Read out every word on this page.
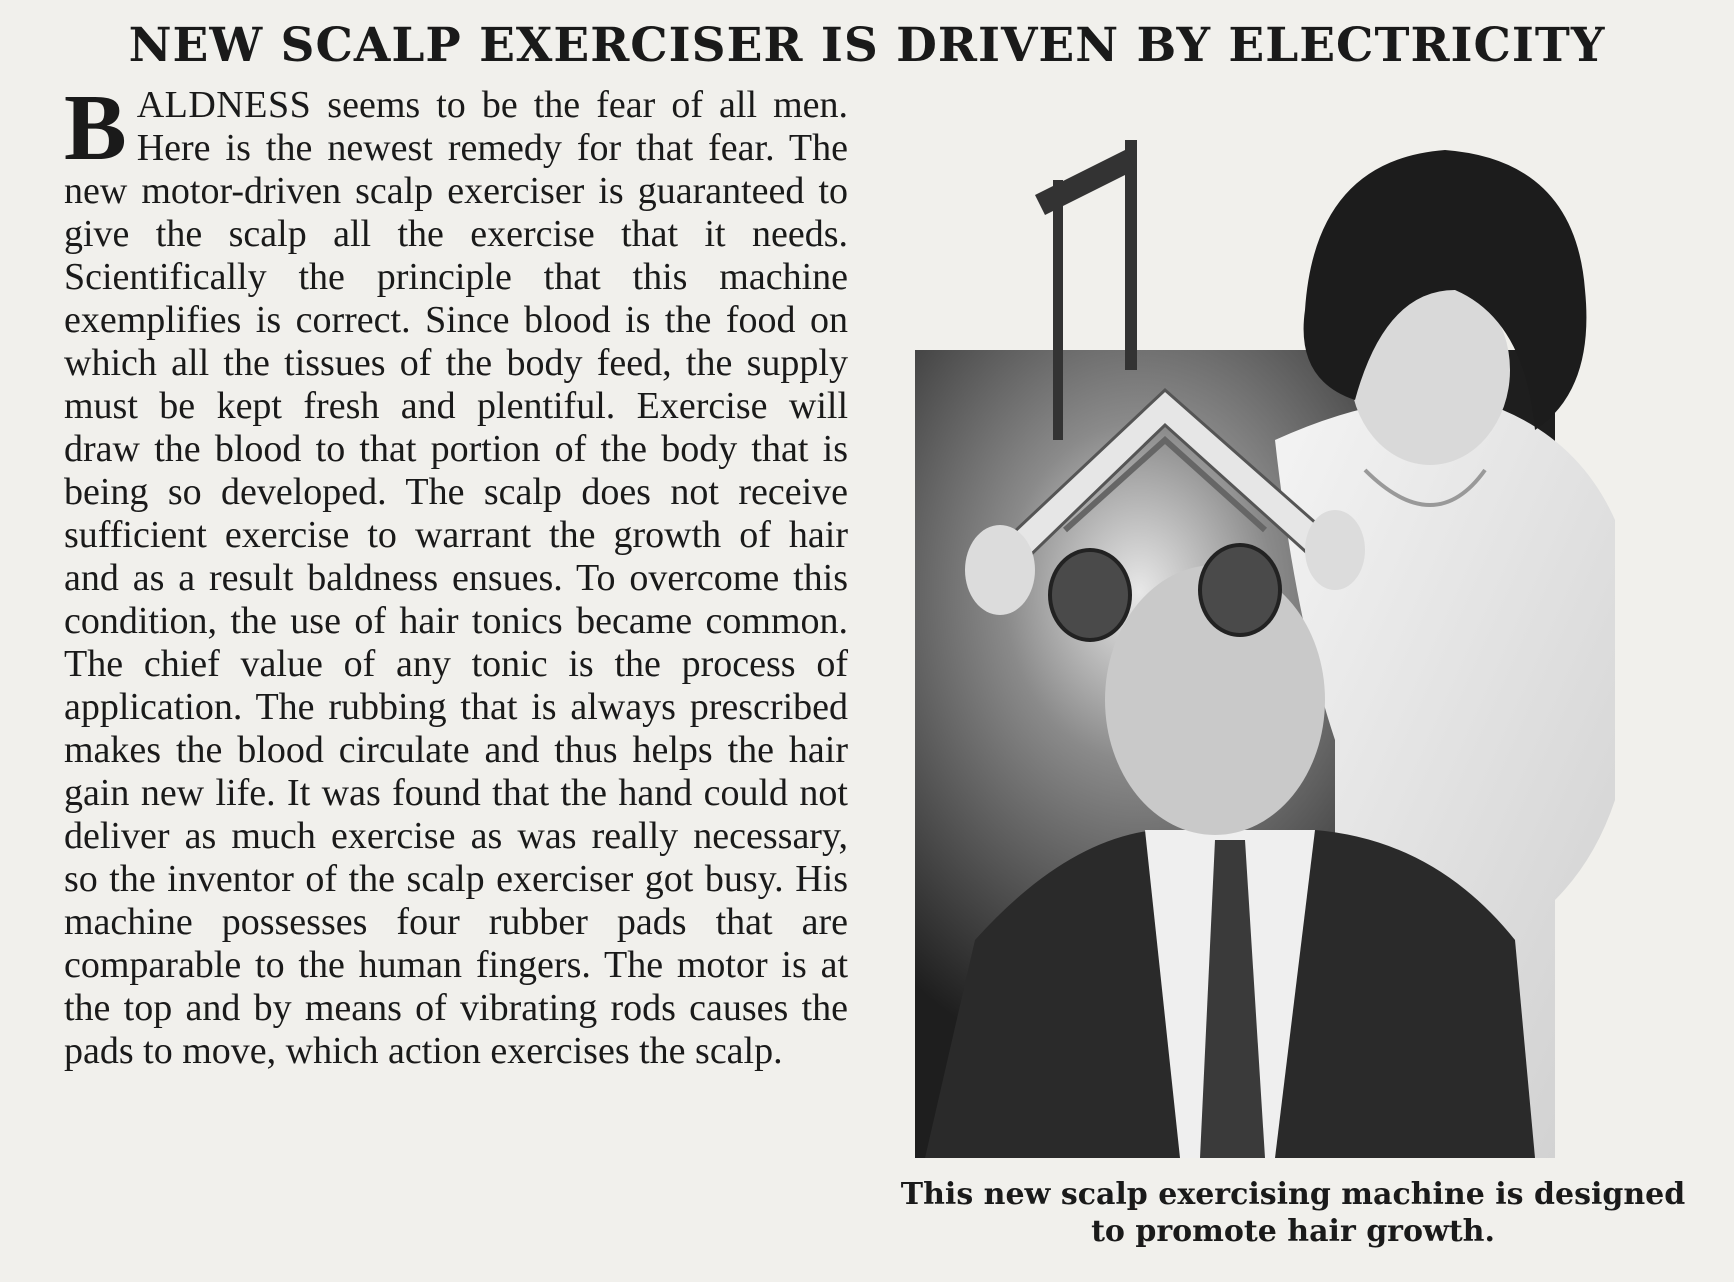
NEW SCALP EXERCISER IS DRIVEN BY ELECTRICITY

BALDNESS seems to be the fear of all men. Here is the newest remedy for that fear. The new motor-driven scalp exerciser is guaranteed to give the scalp all the exercise that it needs. Scientifically the principle that this machine exemplifies is correct. Since blood is the food on which all the tissues of the body feed, the supply must be kept fresh and plentiful. Exercise will draw the blood to that portion of the body that is being so developed. The scalp does not receive sufficient exercise to warrant the growth of hair and as a result baldness ensues. To overcome this condition, the use of hair tonics became common. The chief value of any tonic is the process of application. The rubbing that is always prescribed makes the blood circulate and thus helps the hair gain new life. It was found that the hand could not deliver as much exercise as was really necessary, so the inventor of the scalp exerciser got busy. His machine possesses four rubber pads that are comparable to the human fingers. The motor is at the top and by means of vibrating rods causes the pads to move, which action exercises the scalp.

This new scalp exercising machine is designed to promote hair growth.
